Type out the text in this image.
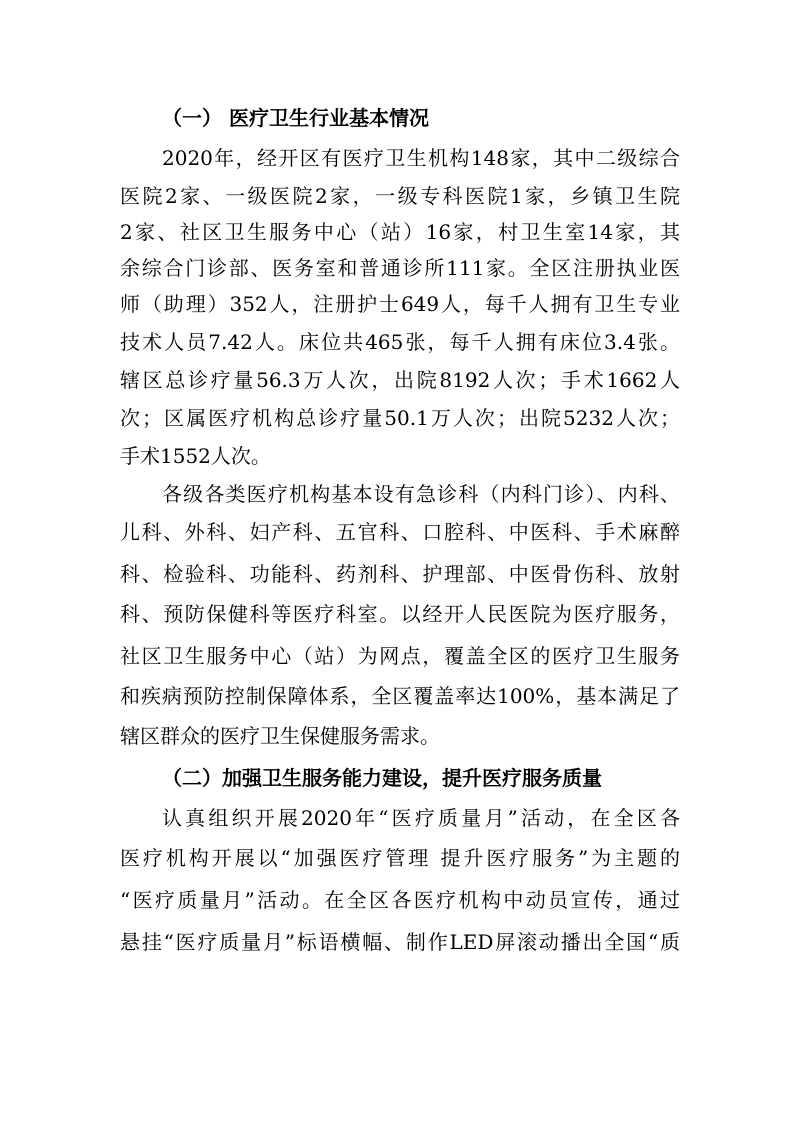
（一） 医疗卫生行业基本情况
2020年，经开区有医疗卫生机构148家，其中二级综合
医院2家、一级医院2家，一级专科医院1家，乡镇卫生院
2家、社区卫生服务中心（站）16家，村卫生室14家，其
余综合门诊部、医务室和普通诊所111家。全区注册执业医
师（助理）352人，注册护士649人，每千人拥有卫生专业
技术人员7.42人。床位共465张，每千人拥有床位3.4张。
辖区总诊疗量56.3万人次，出院8192人次；手术1662人
次；区属医疗机构总诊疗量50.1万人次；出院5232人次；
手术1552人次。
各级各类医疗机构基本设有急诊科（内科门诊）、内科、
儿科、外科、妇产科、五官科、口腔科、中医科、手术麻醉
科、检验科、功能科、药剂科、护理部、中医骨伤科、放射
科、预防保健科等医疗科室。以经开人民医院为医疗服务，
社区卫生服务中心（站）为网点，覆盖全区的医疗卫生服务
和疾病预防控制保障体系，全区覆盖率达100%，基本满足了
辖区群众的医疗卫生保健服务需求。
（二）加强卫生服务能力建设，提升医疗服务质量
认真组织开展2020年“医疗质量月”活动，在全区各
医疗机构开展以“加强医疗管理 提升医疗服务”为主题的
“医疗质量月”活动。在全区各医疗机构中动员宣传，通过
悬挂“医疗质量月”标语横幅、制作LED屏滚动播出全国“质
